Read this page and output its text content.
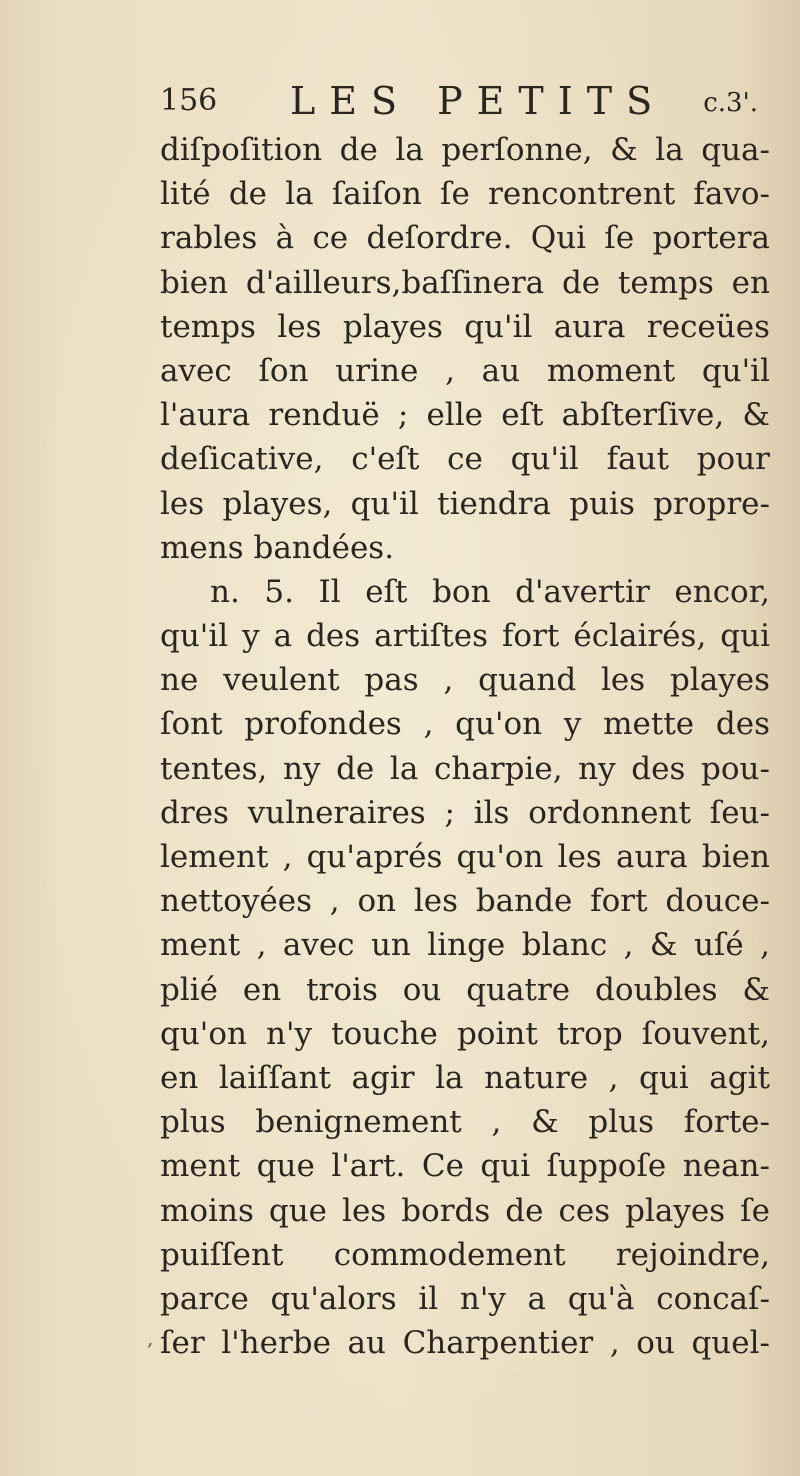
156 LES PETITS c.3'.
diſpoſition de la perſonne, & la qua-
lité de la ſaiſon ſe rencontrent favo-
rables à ce deſordre. Qui ſe portera
bien d'ailleurs,baſſinera de temps en
temps les playes qu'il aura receües
avec ſon urine , au moment qu'il
l'aura renduë ; elle eſt abſterſive, &
deſicative, c'eſt ce qu'il faut pour
les playes, qu'il tiendra puis propre-
mens bandées.
n. 5. Il eſt bon d'avertir encor,
qu'il y a des artiſtes fort éclairés, qui
ne veulent pas , quand les playes
ſont profondes , qu'on y mette des
tentes, ny de la charpie, ny des pou-
dres vulneraires ; ils ordonnent ſeu-
lement , qu'aprés qu'on les aura bien
nettoyées , on les bande fort douce-
ment , avec un linge blanc , & uſé ,
plié en trois ou quatre doubles &
qu'on n'y touche point trop ſouvent,
en laiſſant agir la nature , qui agit
plus benignement , & plus forte-
ment que l'art. Ce qui ſuppoſe nean-
moins que les bords de ces playes ſe
puiſſent commodement rejoindre,
parce qu'alors il n'y a qu'à concaſ-
ſer l'herbe au Charpentier , ou quel-
,
